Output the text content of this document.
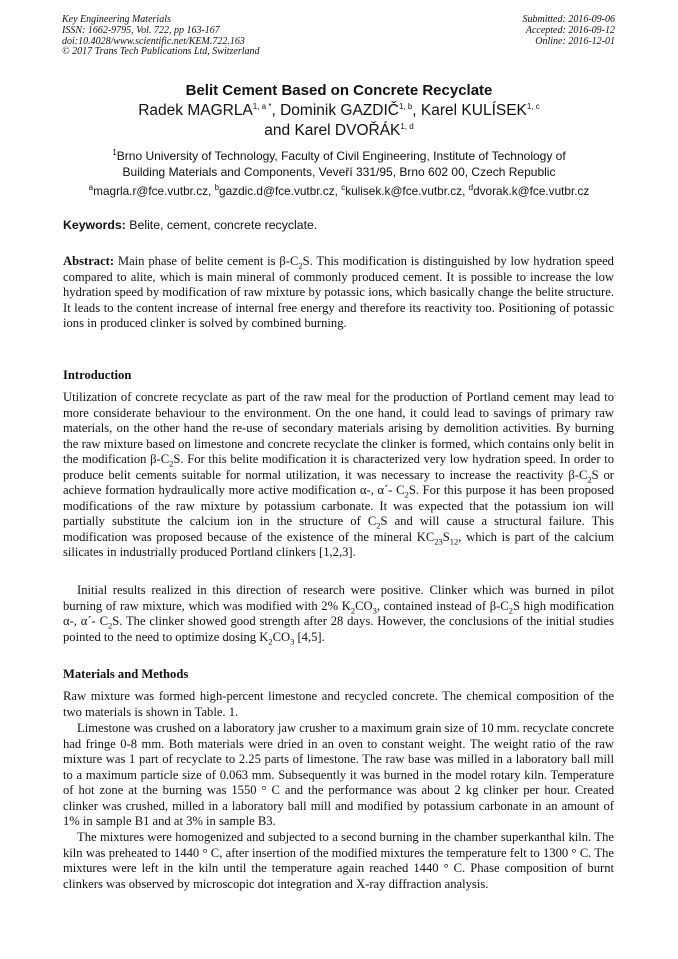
Key Engineering Materials
ISSN: 1662-9795, Vol. 722, pp 163-167
doi:10.4028/www.scientific.net/KEM.722.163
© 2017 Trans Tech Publications Ltd, Switzerland
Submitted: 2016-09-06
Accepted: 2016-09-12
Online: 2016-12-01
Belit Cement Based on Concrete Recyclate
Radek $MAGRLA^{1, a *}$, Dominik GAZDIČ$^{1, b}$, Karel KULÍSEK$^{1, c}$
and Karel DVOŘÁK$^{1, d}$
$^1$Brno University of Technology, Faculty of Civil Engineering, Institute of Technology of Building Materials and Components, Veveří 331/95, Brno 602 00, Czech Republic
$^a$magrla.r@fce.vutbr.cz, $^b$gazdic.d@fce.vutbr.cz, $^c$kulisek.k@fce.vutbr.cz, $^d$dvorak.k@fce.vutbr.cz
Keywords: Belite, cement, concrete recyclate.

Abstract: Main phase of belite cement is $\beta-C_2S$. This modification is distinguished by low hydration speed compared to alite, which is main mineral of commonly produced cement. It is possible to increase the low hydration speed by modification of raw mixture by potassic ions, which basically change the belite structure. It leads to the content increase of internal free energy and therefore its reactivity too. Positioning of potassic ions in produced clinker is solved by combined burning.

Introduction

Utilization of concrete recyclate as part of the raw meal for the production of Portland cement may lead to more considerate behaviour to the environment. On the one hand, it could lead to savings of primary raw materials, on the other hand the re-use of secondary materials arising by demolition activities. By burning the raw mixture based on limestone and concrete recyclate the clinker is formed, which contains only belit in the modification $\beta-C_2S$. For this belite modification it is characterized very low hydration speed. In order to produce belit cements suitable for normal utilization, it was necessary to increase the reactivity $\beta-C_2S$ or achieve formation hydraulically more active modification α-, α´- $C_2S$. For this purpose it has been proposed modifications of the raw mixture by potassium carbonate. It was expected that the potassium ion will partially substitute the calcium ion in the structure of $C_2S$ and will cause a structural failure. This modification was proposed because of the existence of the mineral $KC_{23}S_{12}$, which is part of the calcium silicates in industrially produced Portland clinkers [1,2,3].

Initial results realized in this direction of research were positive. Clinker which was burned in pilot burning of raw mixture, which was modified with 2% $K_2CO_3$, contained instead of $\beta-C_2S$ high modification α-, α´- $C_2S$. The clinker showed good strength after 28 days. However, the conclusions of the initial studies pointed to the need to optimize dosing $K_2CO_3$ [4,5].

Materials and Methods

Raw mixture was formed high-percent limestone and recycled concrete. The chemical composition of the two materials is shown in Table. 1.

Limestone was crushed on a laboratory jaw crusher to a maximum grain size of 10 mm. recyclate concrete had fringe 0-8 mm. Both materials were dried in an oven to constant weight. The weight ratio of the raw mixture was 1 part of recyclate to 2.25 parts of limestone. The raw base was milled in a laboratory ball mill to a maximum particle size of 0.063 mm. Subsequently it was burned in the model rotary kiln. Temperature of hot zone at the burning was 1550 ° C and the performance was about 2 kg clinker per hour. Created clinker was crushed, milled in a laboratory ball mill and modified by potassium carbonate in an amount of 1% in sample B1 and at 3% in sample B3.

The mixtures were homogenized and subjected to a second burning in the chamber superkanthal kiln. The kiln was preheated to 1440 ° C, after insertion of the modified mixtures the temperature felt to 1300 ° C. The mixtures were left in the kiln until the temperature again reached 1440 ° C. Phase composition of burnt clinkers was observed by microscopic dot integration and X-ray diffraction analysis.
